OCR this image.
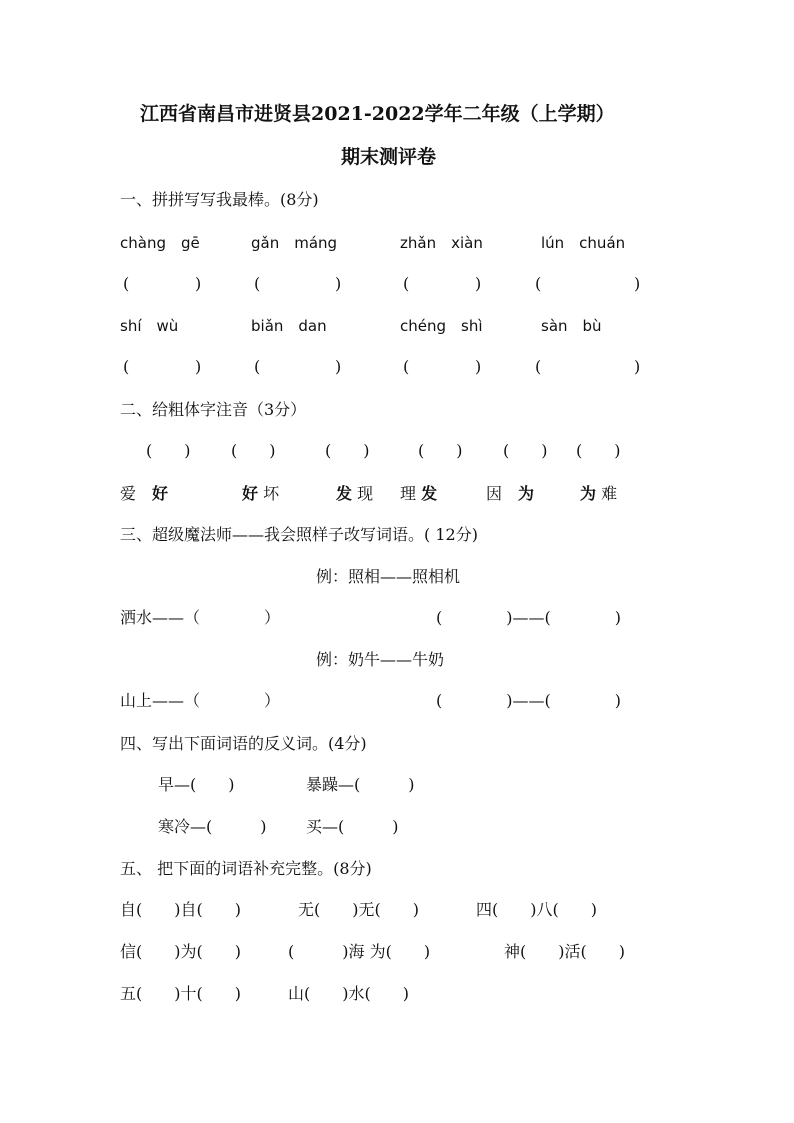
江西省南昌市进贤县2021-2022学年二年级（上学期）
期末测评卷
一、拼拼写写我最棒。(8分)
chàng　gē	gǎn　máng	zhǎn　xiàn	lún　chuán
(	)	(	)	(	)	(	)
shí　wù	biǎn　dan	chéng　shì	sàn　bù
(	)	(	)	(	)	(	)
二、给粗体字注音（3分）
(　　)	(　　)	(　　)	(　　)	(　　) (　　)
爱　 好	好 坏	发 现 理 发	因　 为	为 难
三、超级魔法师——我会照样子改写词语。( 12分)
例：照相——照相机
洒水——（　　　　）	(　　　　)——(　　　　)
例：奶牛——牛奶
山上——（　　　　）	(　　　　)——(　　　　)
四、写出下面词语的反义词。(4分)
早—(　　)	暴躁—(　　　)
寒冷—(　　　) 买—(　　　)
五、 把下面的词语补充完整。(8分)
自(　　)自(　　)	无(　　)无(　　)	四(　　)八(　　)
信(　　)为(　　)	(　　　)海 为(　　)	神(　　)活(　　)
五(　　)十(　　)	山(　　)水(　　)
